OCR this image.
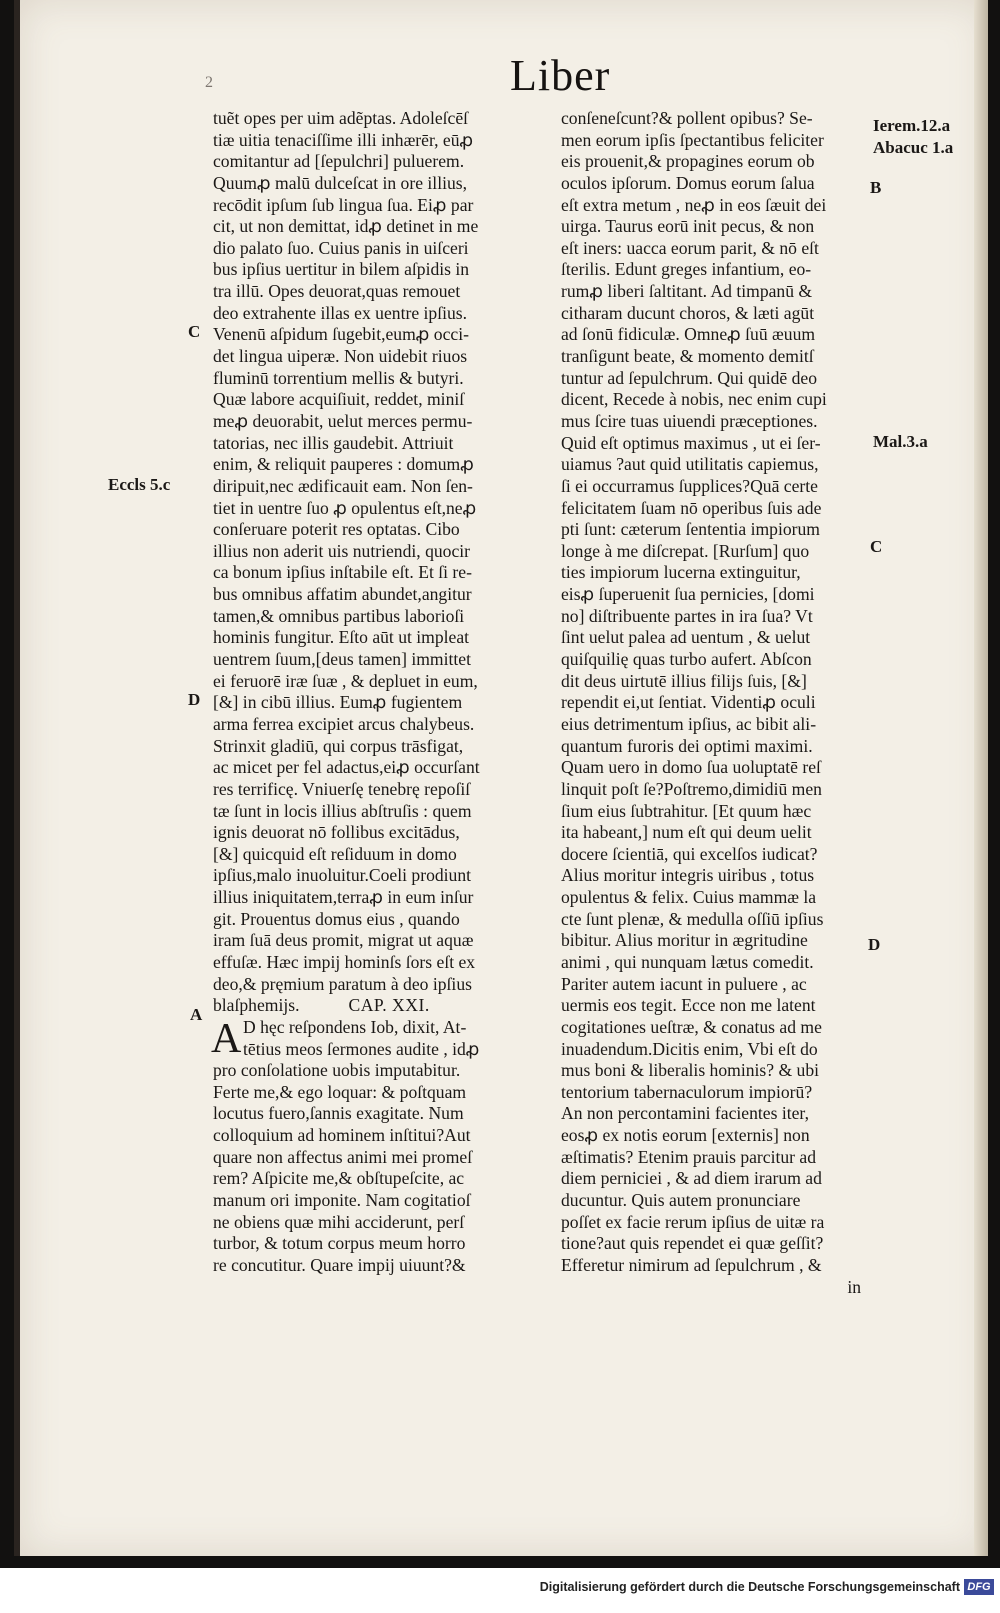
2	Liber
tuẽt opes per uim adẽptas. Adoleſcēſ
tiæ uitia tenaciſſime illi inhærēr, eūꝓ
comitantur ad [ſepulchri] puluerem.
Quumꝓ malū dulceſcat in ore illius,
recōdit ipſum ſub lingua ſua. Eiꝓ par
cit, ut non demittat, idꝓ detinet in me
dio palato ſuo. Cuius panis in uiſceri
bus ipſius uertitur in bilem aſpidis in
tra illū. Opes deuorat,quas remouet
deo extrahente illas ex uentre ipſius.
Venenū aſpidum ſugebit,eumꝓ occi-
det lingua uiperæ. Non uidebit riuos
fluminū torrentium mellis & butyri.
Quæ labore acquiſiuit, reddet, miniſ
meꝓ deuorabit, uelut merces permu-
tatorias, nec illis gaudebit. Attriuit
enim, & reliquit pauperes : domumꝓ
diripuit,nec ædificauit eam. Non ſen-
tiet in uentre ſuo ꝓ opulentus eſt,neꝓ
conſeruare poterit res optatas. Cibo
illius non aderit uis nutriendi, quocir
ca bonum ipſius inſtabile eſt. Et ſi re-
bus omnibus affatim abundet,angitur
tamen,& omnibus partibus laborioſi
hominis fungitur. Eſto aūt ut impleat
uentrem ſuum,[deus tamen] immittet
ei feruorē iræ ſuæ , & depluet in eum,
[&] in cibū illius. Eumꝓ fugientem
arma ferrea excipiet arcus chalybeus.
Strinxit gladiū, qui corpus trāsfigat,
ac micet per fel adactus,eiꝓ occurſant
res terrificę. Vniuerſę tenebrę repoſiſ
tæ ſunt in locis illius abſtruſis : quem
ignis deuorat nō follibus excitādus,
[&] quicquid eſt reſiduum in domo
ipſius,malo inuoluitur.Coeli prodiunt
illius iniquitatem,terraꝓ in eum inſur
git. Prouentus domus eius , quando
iram ſuā deus promit, migrat ut aquæ
effuſæ. Hæc impij hominſs ſors eſt ex
deo,& pręmium paratum à deo ipſius
blaſphemijs.          CAP. XXI.
A D hęc reſpondens Iob, dixit, At-
tētius meos ſermones audite , idꝓ
pro conſolatione uobis imputabitur.
Ferte me,& ego loquar: & poſtquam
locutus fuero,ſannis exagitate. Num
colloquium ad hominem inſtitui?Aut
quare non affectus animi mei promeſ
rem? Aſpicite me,& obſtupeſcite, ac
manum ori imponite. Nam cogitatioſ
ne obiens quæ mihi acciderunt, perſ
turbor, & totum corpus meum horro
re concutitur. Quare impij uiuunt?&
conſeneſcunt?& pollent opibus? Se-
men eorum ipſis ſpectantibus feliciter
eis prouenit,& propagines eorum ob
oculos ipſorum. Domus eorum ſalua
eſt extra metum , neꝓ in eos ſæuit dei
uirga. Taurus eorū init pecus, & non
eſt iners: uacca eorum parit, & nō eſt
ſterilis. Edunt greges infantium, eo-
rumꝓ liberi ſaltitant. Ad timpanū &
citharam ducunt choros, & læti agūt
ad ſonū fidiculæ. Omneꝓ ſuū æuum
tranſigunt beate, & momento demitſ
tuntur ad ſepulchrum. Qui quidē deo
dicent, Recede à nobis, nec enim cupi
mus ſcire tuas uiuendi præceptiones.
Quid eſt optimus maximus , ut ei ſer-
uiamus ?aut quid utilitatis capiemus,
ſi ei occurramus ſupplices?Quā certe
felicitatem ſuam nō operibus ſuis ade
pti ſunt: cæterum ſententia impiorum
longe à me diſcrepat. [Rurſum] quo
ties impiorum lucerna extinguitur,
eisꝓ ſuperuenit ſua pernicies, [domi
no] diſtribuente partes in ira ſua? Vt
ſint uelut palea ad uentum , & uelut
quiſquilię quas turbo aufert. Abſcon
dit deus uirtutē illius filijs ſuis, [&]
rependit ei,ut ſentiat. Videntiꝓ oculi
eius detrimentum ipſius, ac bibit ali-
quantum furoris dei optimi maximi.
Quam uero in domo ſua uoluptatē reſ
linquit poſt ſe?Poſtremo,dimidiū men
ſium eius ſubtrahitur. [Et quum hæc
ita habeant,] num eſt qui deum uelit
docere ſcientiā, qui excelſos iudicat?
Alius moritur integris uiribus , totus
opulentus & felix. Cuius mammæ la
cte ſunt plenæ, & medulla oſſiū ipſius
bibitur. Alius moritur in ægritudine
animi , qui nunquam lætus comedit.
Pariter autem iacunt in puluere , ac
uermis eos tegit. Ecce non me latent
cogitationes ueſtræ, & conatus ad me
inuadendum.Dicitis enim, Vbi eſt do
mus boni & liberalis hominis? & ubi
tentorium tabernaculorum impiorū?
An non percontamini facientes iter,
eosꝓ ex notis eorum [externis] non
æſtimatis? Etenim prauis parcitur ad
diem perniciei , & ad diem irarum ad
ducuntur. Quis autem pronunciare
poſſet ex facie rerum ipſius de uitæ ra
tione?aut quis rependet ei quæ geſſit?
Efferetur nimirum ad ſepulchrum , &
in
C
Eccls 5.c
D
A
Ierem.12.a
Abacuc 1.a
B
Mal.3.a
C
D
Digitalisierung gefördert durch die Deutsche Forschungsgemeinschaft DFG
